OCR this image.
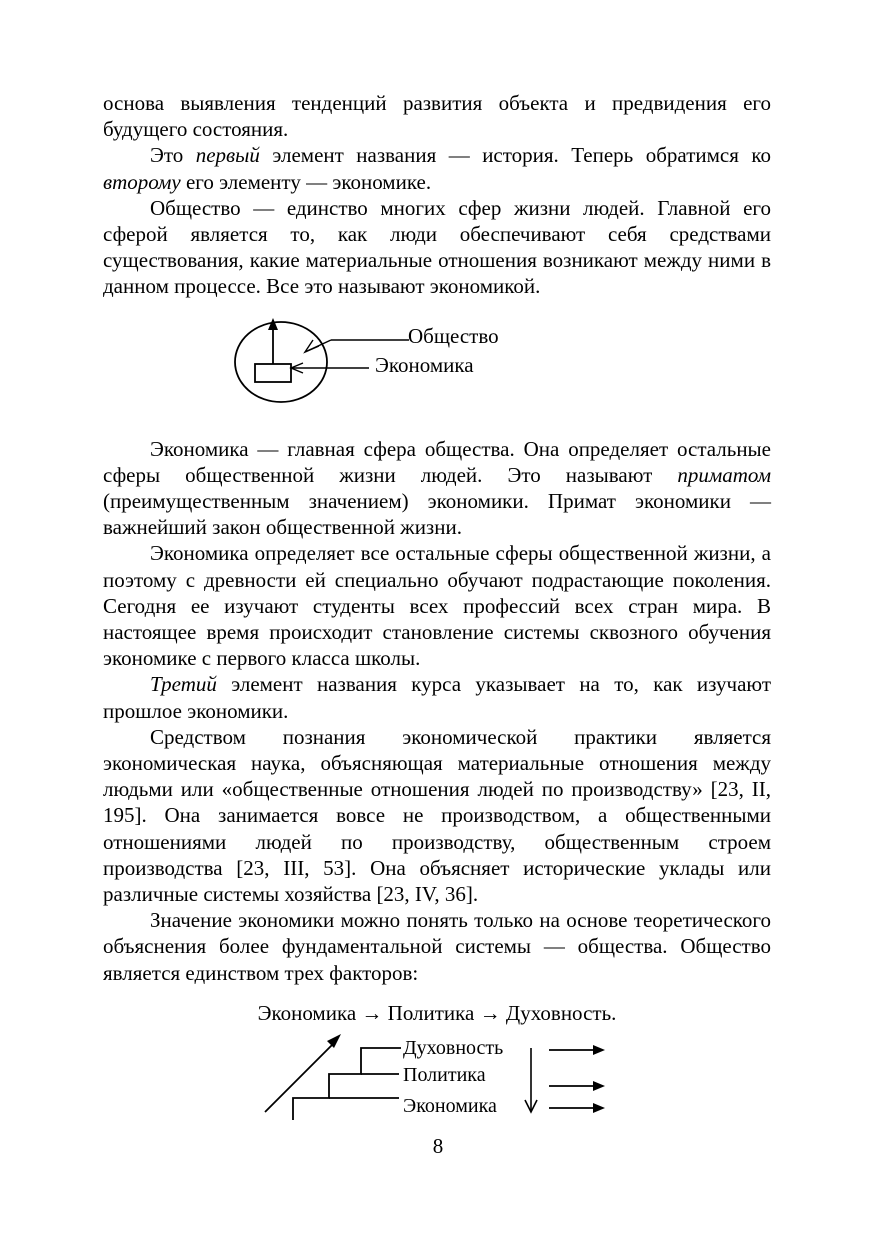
основа выявления тенденций развития объекта и предвидения его будущего состояния.

Это первый элемент названия — история. Теперь обратимся ко второму его элементу — экономике.

Общество — единство многих сфер жизни людей. Главной его сферой является то, как люди обеспечивают себя средствами существования, какие материальные отношения возникают между ними в данном процессе. Все это называют экономикой.

Общество
Экономика

Экономика — главная сфера общества. Она определяет остальные сферы общественной жизни людей. Это называют приматом (преимущественным значением) экономики. Примат экономики — важнейший закон общественной жизни.

Экономика определяет все остальные сферы общественной жизни, а поэтому с древности ей специально обучают подрастающие поколения. Сегодня ее изучают студенты всех профессий всех стран мира. В настоящее время происходит становление системы сквозного обучения экономике с первого класса школы.

Третий элемент названия курса указывает на то, как изучают прошлое экономики.

Средством познания экономической практики является экономическая наука, объясняющая материальные отношения между людьми или «общественные отношения людей по производству» [23, II, 195]. Она занимается вовсе не производством, а общественными отношениями людей по производству, общественным строем производства [23, III, 53]. Она объясняет исторические уклады или различные системы хозяйства [23, IV, 36].

Значение экономики можно понять только на основе теоретического объяснения более фундаментальной системы — общества. Общество является единством трех факторов:

Экономика → Политика → Духовность.
Духовность
Политика
Экономика
8
